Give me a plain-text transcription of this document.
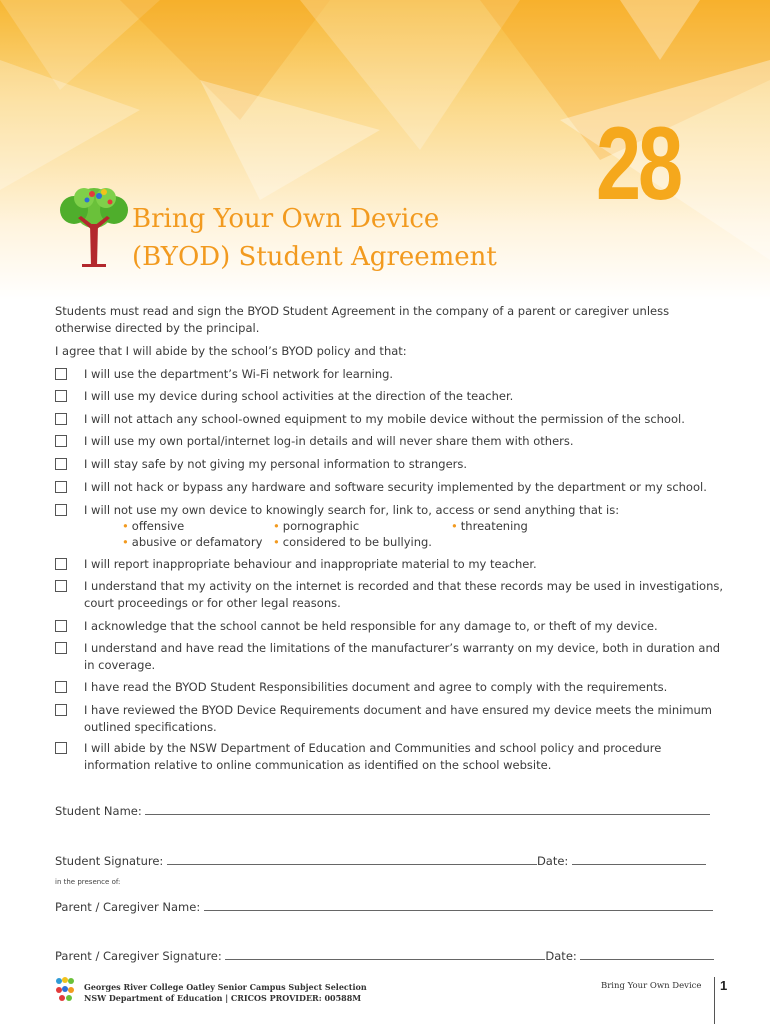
28
Bring Your Own Device
(BYOD) Student Agreement
Students must read and sign the BYOD Student Agreement in the company of a parent or caregiver unless otherwise directed by the principal.
I agree that I will abide by the school’s BYOD policy and that:
I will use the department’s Wi-Fi network for learning.
I will use my device during school activities at the direction of the teacher.
I will not attach any school-owned equipment to my mobile device without the permission of the school.
I will use my own portal/internet log-in details and will never share them with others.
I will stay safe by not giving my personal information to strangers.
I will not hack or bypass any hardware and software security implemented by the department or my school.
I will not use my own device to knowingly search for, link to, access or send anything that is:
• offensive	• pornographic	• threatening
• abusive or defamatory • considered to be bullying.
I will report inappropriate behaviour and inappropriate material to my teacher.
I understand that my activity on the internet is recorded and that these records may be used in investigations, court proceedings or for other legal reasons.
I acknowledge that the school cannot be held responsible for any damage to, or theft of my device.
I understand and have read the limitations of the manufacturer’s warranty on my device, both in duration and in coverage.
I have read the BYOD Student Responsibilities document and agree to comply with the requirements.
I have reviewed the BYOD Device Requirements document and have ensured my device meets the minimum outlined specifications.
I will abide by the NSW Department of Education and Communities and school policy and procedure information relative to online communication as identified on the school website.
Student Name:
Student Signature:	Date:
in the presence of:
Parent / Caregiver Name:
Parent / Caregiver Signature:	Date:
Georges River College Oatley Senior Campus Subject Selection
NSW Department of Education | CRICOS PROVIDER: 00588M
Bring Your Own Device 1
